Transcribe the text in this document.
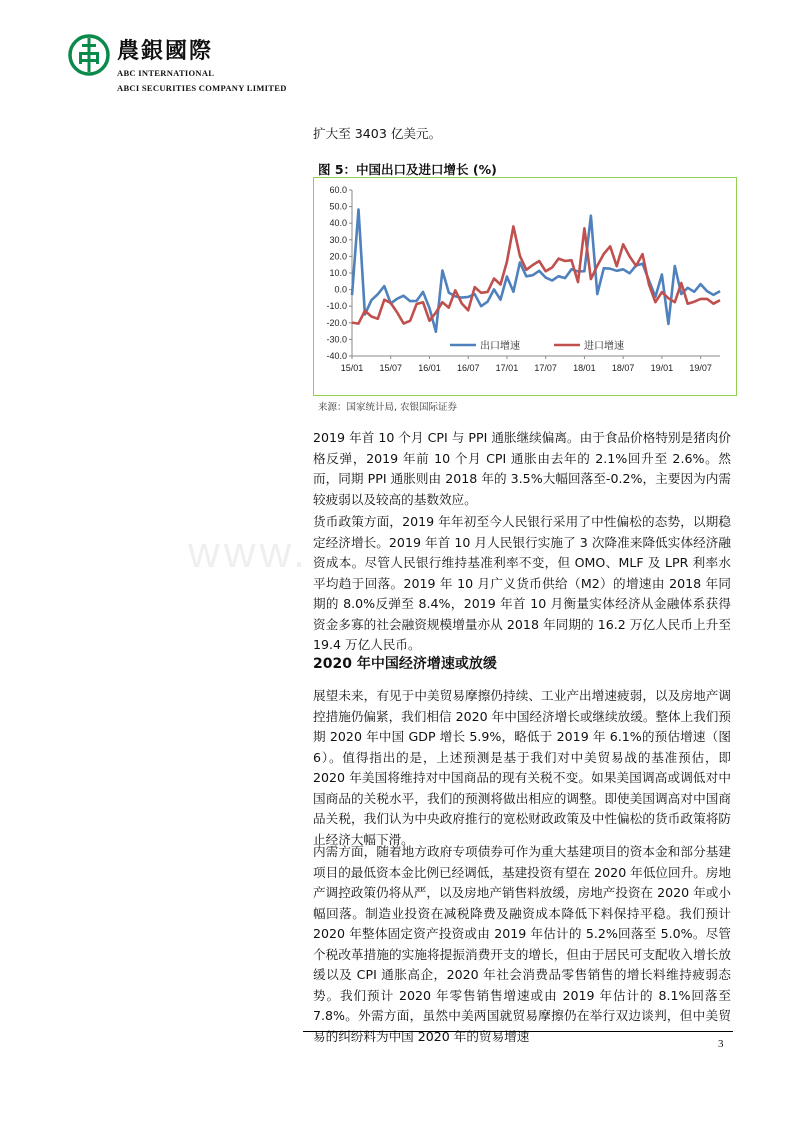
農銀國際
ABC INTERNATIONAL
ABCI SECURITIES COMPANY LIMITED
www.

扩大至 3403 亿美元。

图 5：中国出口及进口增长 (%)
60.0
50.0
40.0
30.0
20.0
10.0
0.0
-10.0
-20.0
-30.0
-40.0
15/01 15/07 16/01 16/07 17/01 17/07 18/01 18/07 19/01 19/07
出口增速	进口增速
来源：国家统计局, 农银国际证券

2019 年首 10 个月 CPI 与 PPI 通胀继续偏离。由于食品价格特别是猪肉价格反弹，2019 年前 10 个月 CPI 通胀由去年的 2.1%回升至 2.6%。然而，同期 PPI 通胀则由 2018 年的 3.5%大幅回落至-0.2%，主要因为内需较疲弱以及较高的基数效应。

货币政策方面，2019 年年初至今人民银行采用了中性偏松的态势，以期稳定经济增长。2019 年首 10 月人民银行实施了 3 次降准来降低实体经济融资成本。尽管人民银行维持基准利率不变，但 OMO、MLF 及 LPR 利率水平均趋于回落。2019 年 10 月广义货币供给（M2）的增速由 2018 年同期的 8.0%反弹至 8.4%，2019 年首 10 月衡量实体经济从金融体系获得资金多寡的社会融资规模增量亦从 2018 年同期的 16.2 万亿人民币上升至 19.4 万亿人民币。

2020 年中国经济增速或放缓

展望未来，有见于中美贸易摩擦仍持续、工业产出增速疲弱，以及房地产调控措施仍偏紧，我们相信 2020 年中国经济增长或继续放缓。整体上我们预期 2020 年中国 GDP 增长 5.9%，略低于 2019 年 6.1%的预估增速（图 6）。值得指出的是，上述预测是基于我们对中美贸易战的基准预估，即 2020 年美国将维持对中国商品的现有关税不变。如果美国调高或调低对中国商品的关税水平，我们的预测将做出相应的调整。即使美国调高对中国商品关税，我们认为中央政府推行的宽松财政政策及中性偏松的货币政策将防止经济大幅下滑。

内需方面，随着地方政府专项债券可作为重大基建项目的资本金和部分基建项目的最低资本金比例已经调低，基建投资有望在 2020 年低位回升。房地产调控政策仍将从严，以及房地产销售料放缓，房地产投资在 2020 年或小幅回落。制造业投资在减税降费及融资成本降低下料保持平稳。我们预计 2020 年整体固定资产投资或由 2019 年估计的 5.2%回落至 5.0%。尽管个税改革措施的实施将提振消费开支的增长，但由于居民可支配收入增长放缓以及 CPI 通胀高企，2020 年社会消费品零售销售的增长料维持疲弱态势。我们预计 2020 年零售销售增速或由 2019 年估计的 8.1%回落至 7.8%。外需方面，虽然中美两国就贸易摩擦仍在举行双边谈判，但中美贸易的纠纷料为中国 2020 年的贸易增速

3
